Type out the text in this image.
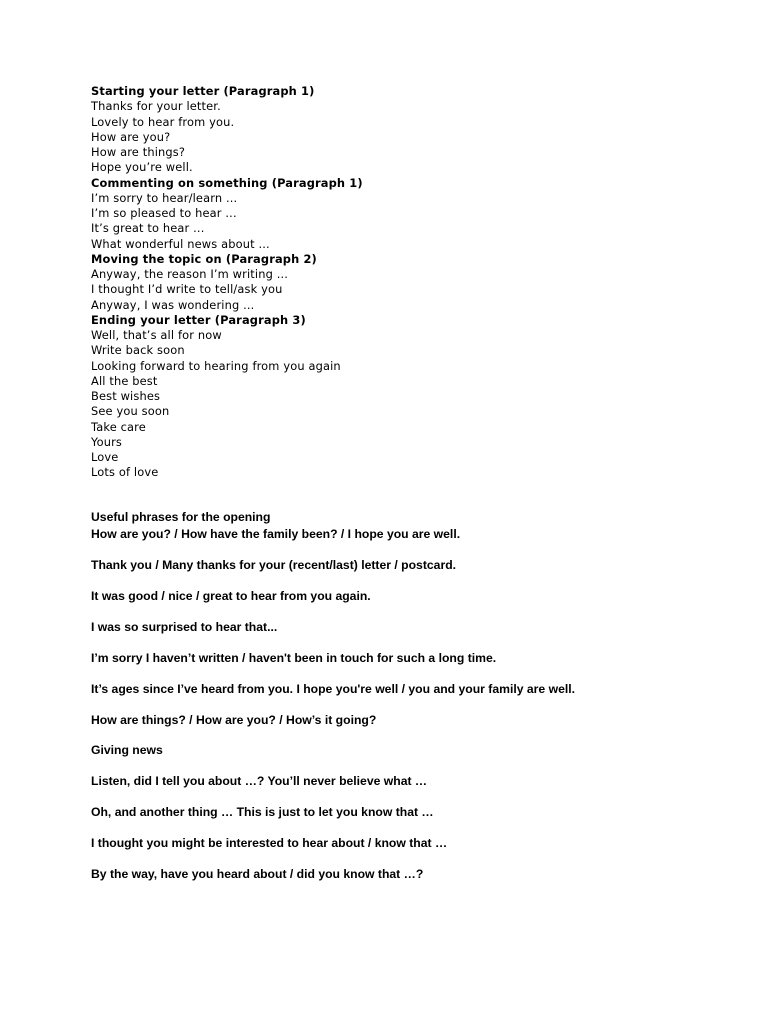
Starting your letter (Paragraph 1)
Thanks for your letter.
Lovely to hear from you.
How are you?
How are things?
Hope you’re well.
Commenting on something (Paragraph 1)
I’m sorry to hear/learn ...
I’m so pleased to hear ...
It’s great to hear ...
What wonderful news about ...
Moving the topic on (Paragraph 2)
Anyway, the reason I’m writing ...
I thought I’d write to tell/ask you
Anyway, I was wondering ...
Ending your letter (Paragraph 3)
Well, that’s all for now
Write back soon
Looking forward to hearing from you again
All the best
Best wishes
See you soon
Take care
Yours
Love
Lots of love
Useful phrases for the opening
How are you? / How have the family been? / I hope you are well.
Thank you / Many thanks for your (recent/last) letter / postcard.
It was good / nice / great to hear from you again.
I was so surprised to hear that...
I’m sorry I haven’t written / haven't been in touch for such a long time.
It’s ages since I’ve heard from you. I hope you're well / you and your family are well.
How are things? / How are you? / How’s it going?
Giving news
Listen, did I tell you about …? You’ll never believe what …
Oh, and another thing … This is just to let you know that …
I thought you might be interested to hear about / know that …
By the way, have you heard about / did you know that …?
